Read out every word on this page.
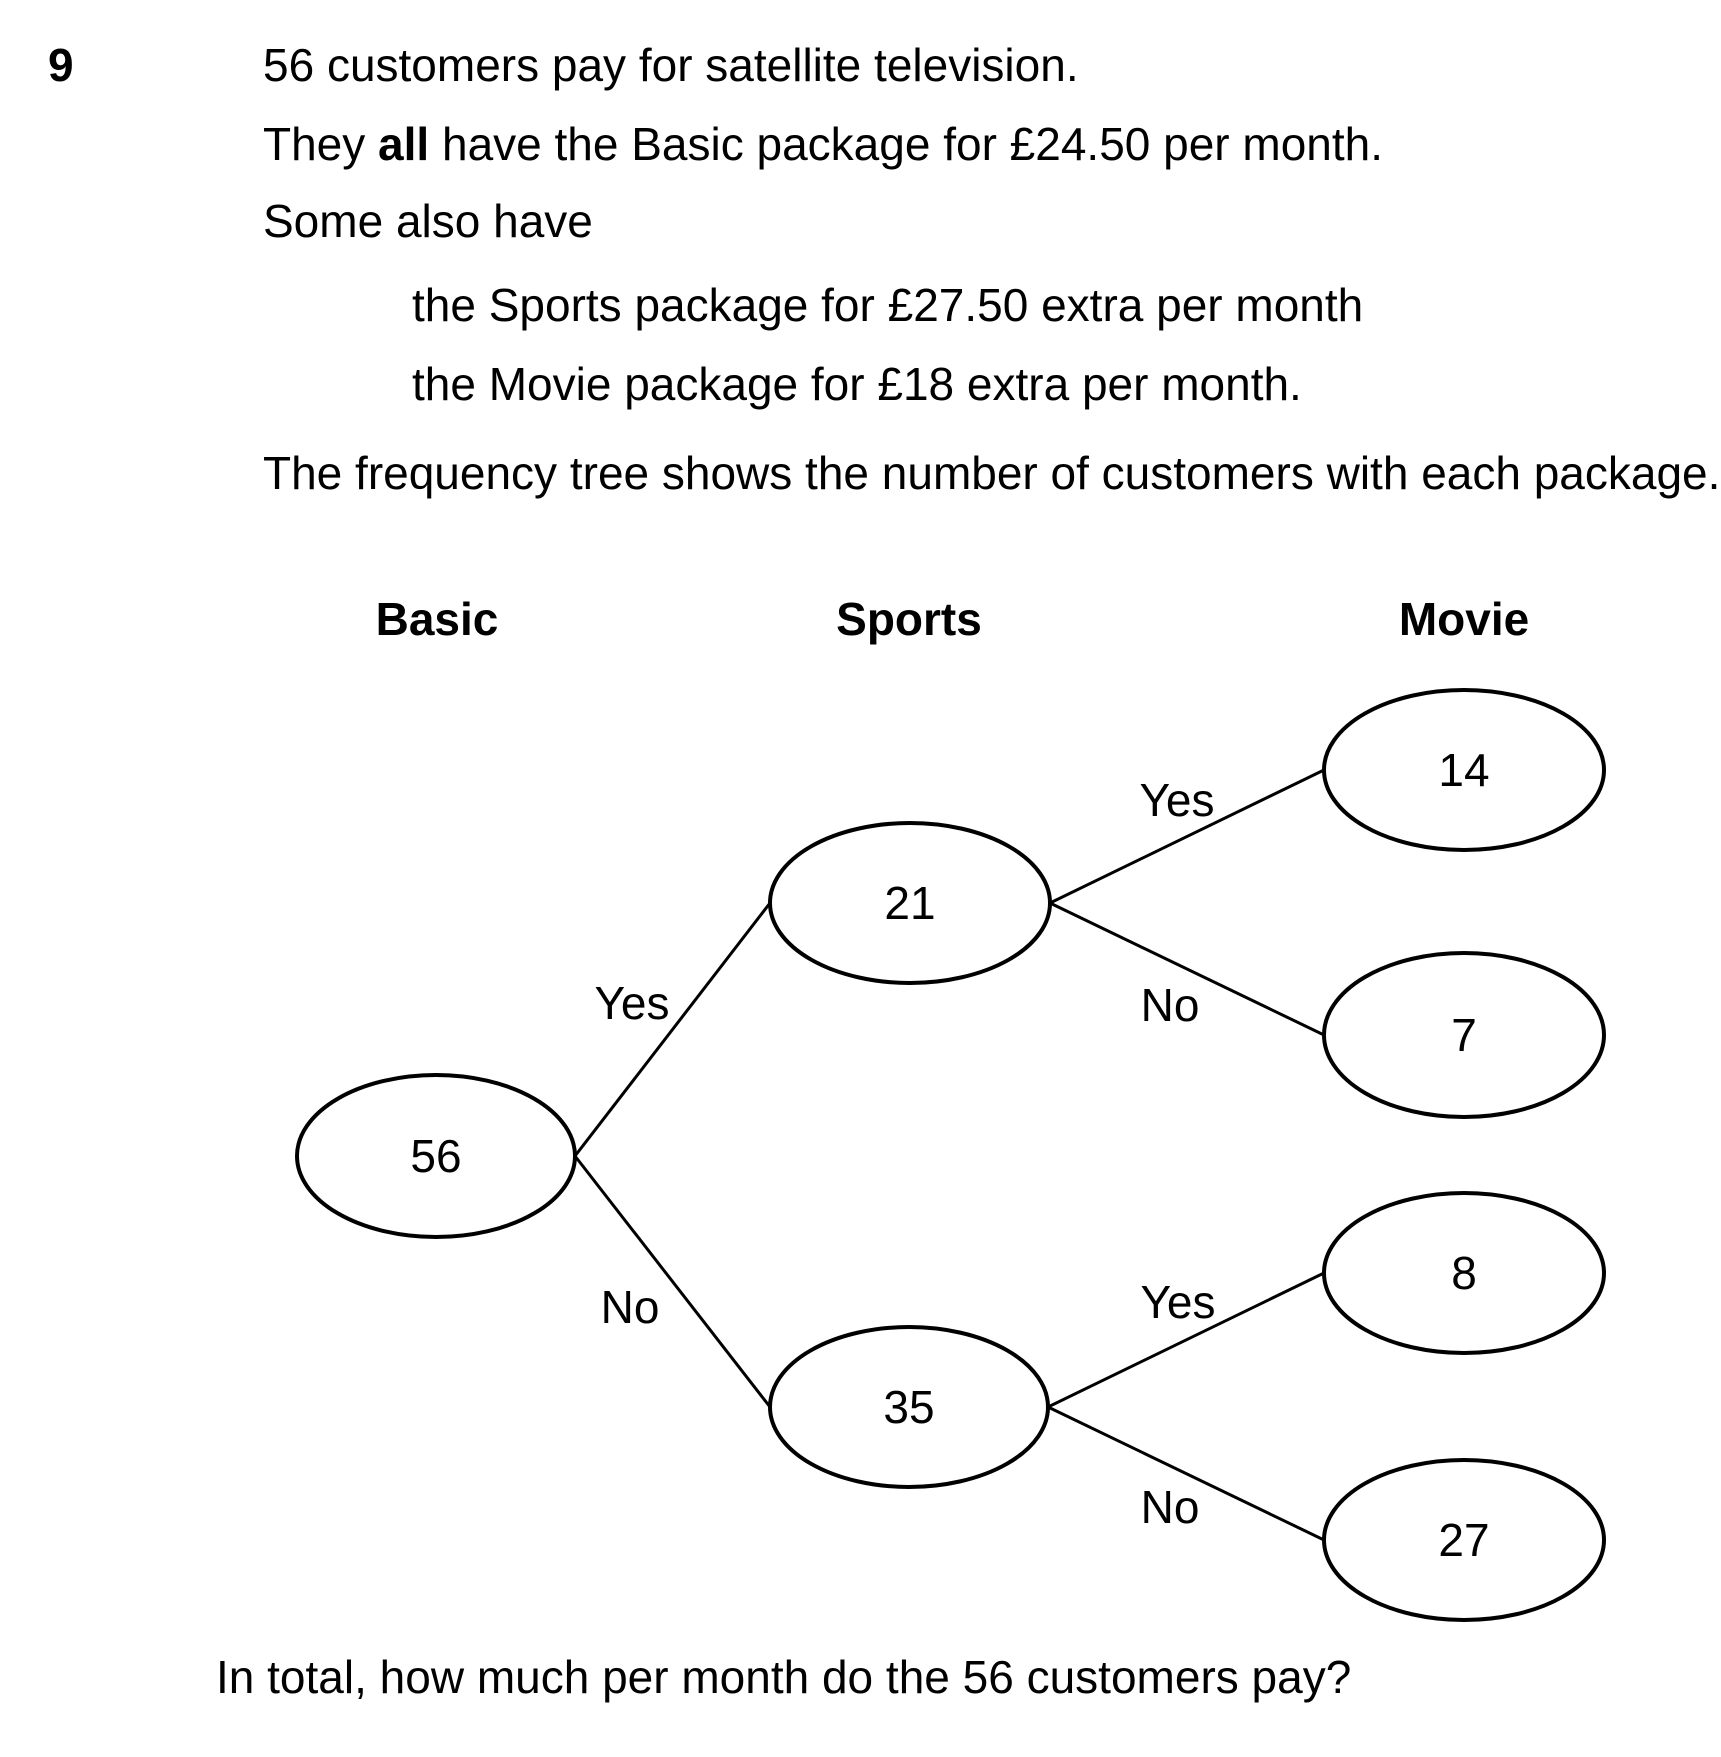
9	56 customers pay for satellite television.
They all have the Basic package for £24.50 per month.
Some also have
the Sports package for £27.50 extra per month
the Movie package for £18 extra per month.
The frequency tree shows the number of customers with each package.
Basic	Sports	Movie
Yes
No
Yes
No
Yes
No
56
21
35
14
7
8
27
In total, how much per month do the 56 customers pay?
